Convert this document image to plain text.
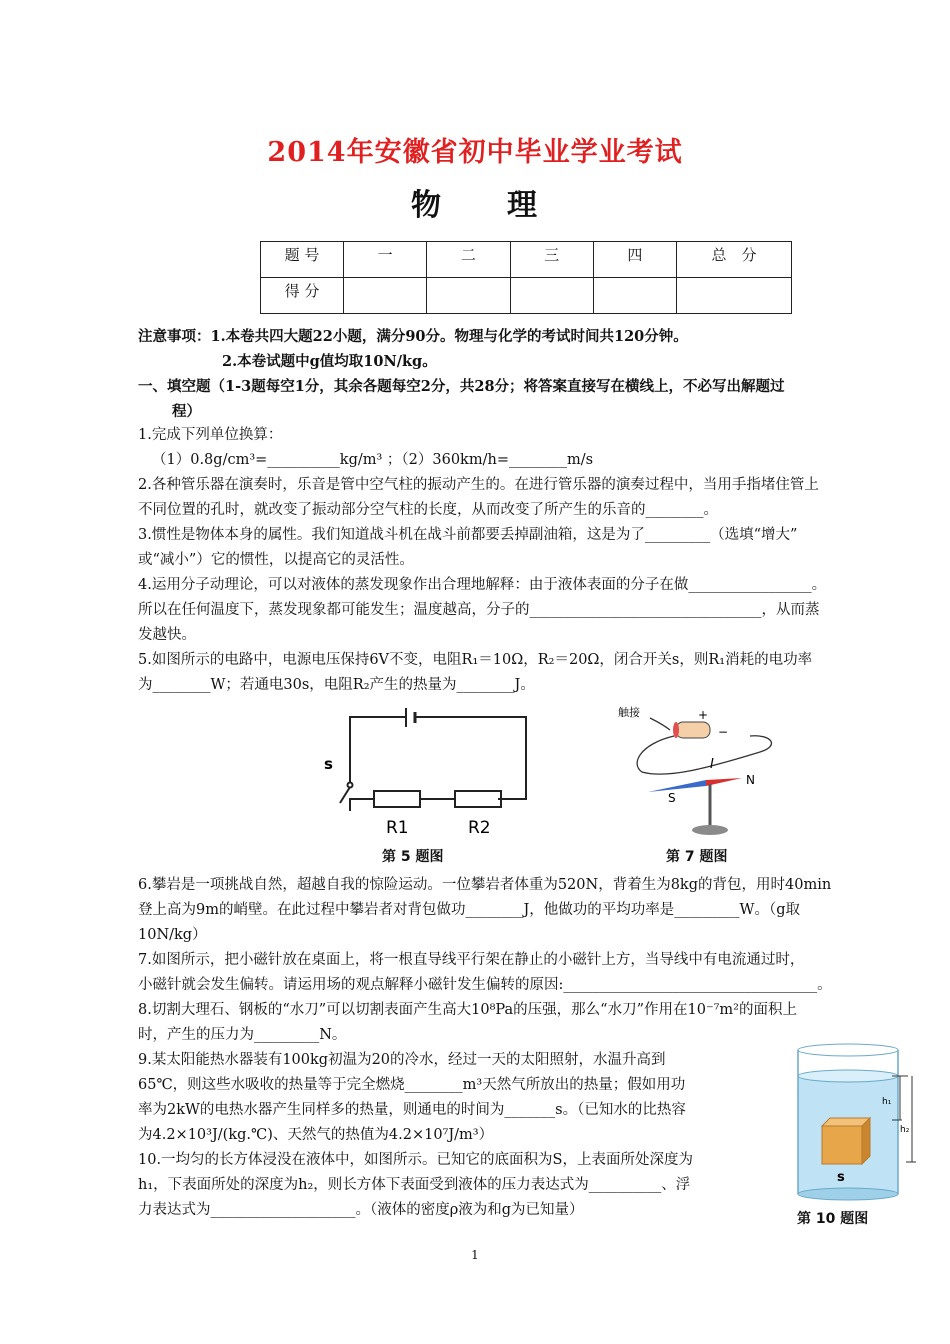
2014年安徽省初中毕业学业考试
物　　理
题 号	一	二	三	四	总　分
得 分					
注意事项：1.本卷共四大题22小题，满分90分。物理与化学的考试时间共120分钟。
2.本卷试题中g值均取10N/kg。
一、填空题（1-3题每空1分，其余各题每空2分，共28分；将答案直接写在横线上，不必写出解题过
程）
1.完成下列单位换算：
（1）0.8g/cm³=__________kg/m³ ；（2）360km/h=________m/s
2.各种管乐器在演奏时，乐音是管中空气柱的振动产生的。在进行管乐器的演奏过程中，当用手指堵住管上
不同位置的孔时，就改变了振动部分空气柱的长度，从而改变了所产生的乐音的________。
3.惯性是物体本身的属性。我们知道战斗机在战斗前都要丢掉副油箱，这是为了_________（选填“增大”
或“减小”）它的惯性，以提高它的灵活性。
4.运用分子动理论，可以对液体的蒸发现象作出合理地解释：由于液体表面的分子在做_________________。
所以在任何温度下，蒸发现象都可能发生；温度越高，分子的________________________________，从而蒸
发越快。
5.如图所示的电路中，电源电压保持6V不变，电阻R₁＝10Ω，R₂＝20Ω，闭合开关s，则R₁消耗的电功率
为________W；若通电30s，电阻R₂产生的热量为________J。
s
R1	R2
第 5 题图
触接	+
−
I
N
S
第 7 题图
6.攀岩是一项挑战自然，超越自我的惊险运动。一位攀岩者体重为520N，背着生为8kg的背包，用时40min
登上高为9m的峭壁。在此过程中攀岩者对背包做功________J，他做功的平均功率是_________W。（g取
10N/kg）
7.如图所示，把小磁针放在桌面上，将一根直导线平行架在静止的小磁针上方，当导线中有电流通过时，
小磁针就会发生偏转。请运用场的观点解释小磁针发生偏转的原因:___________________________________。
8.切割大理石、钢板的“水刀”可以切割表面产生高大10⁸Pa的压强，那么“水刀”作用在10⁻⁷m²的面积上
时，产生的压力为_________N。
9.某太阳能热水器装有100kg初温为20的冷水，经过一天的太阳照射，水温升高到
65℃，则这些水吸收的热量等于完全燃烧________m³天然气所放出的热量；假如用功
率为2kW的电热水器产生同样多的热量，则通电的时间为_______s。（已知水的比热容
为4.2×10³J/(kg.℃)、天然气的热值为4.2×10⁷J/m³）
10.一均匀的长方体浸没在液体中，如图所示。已知它的底面积为S，上表面所处深度为
h₁，下表面所处的深度为h₂，则长方体下表面受到液体的压力表达式为__________、浮
力表达式为____________________。（液体的密度ρ液为和g为已知量）
s
h₁
h₂
第 10 题图
1
